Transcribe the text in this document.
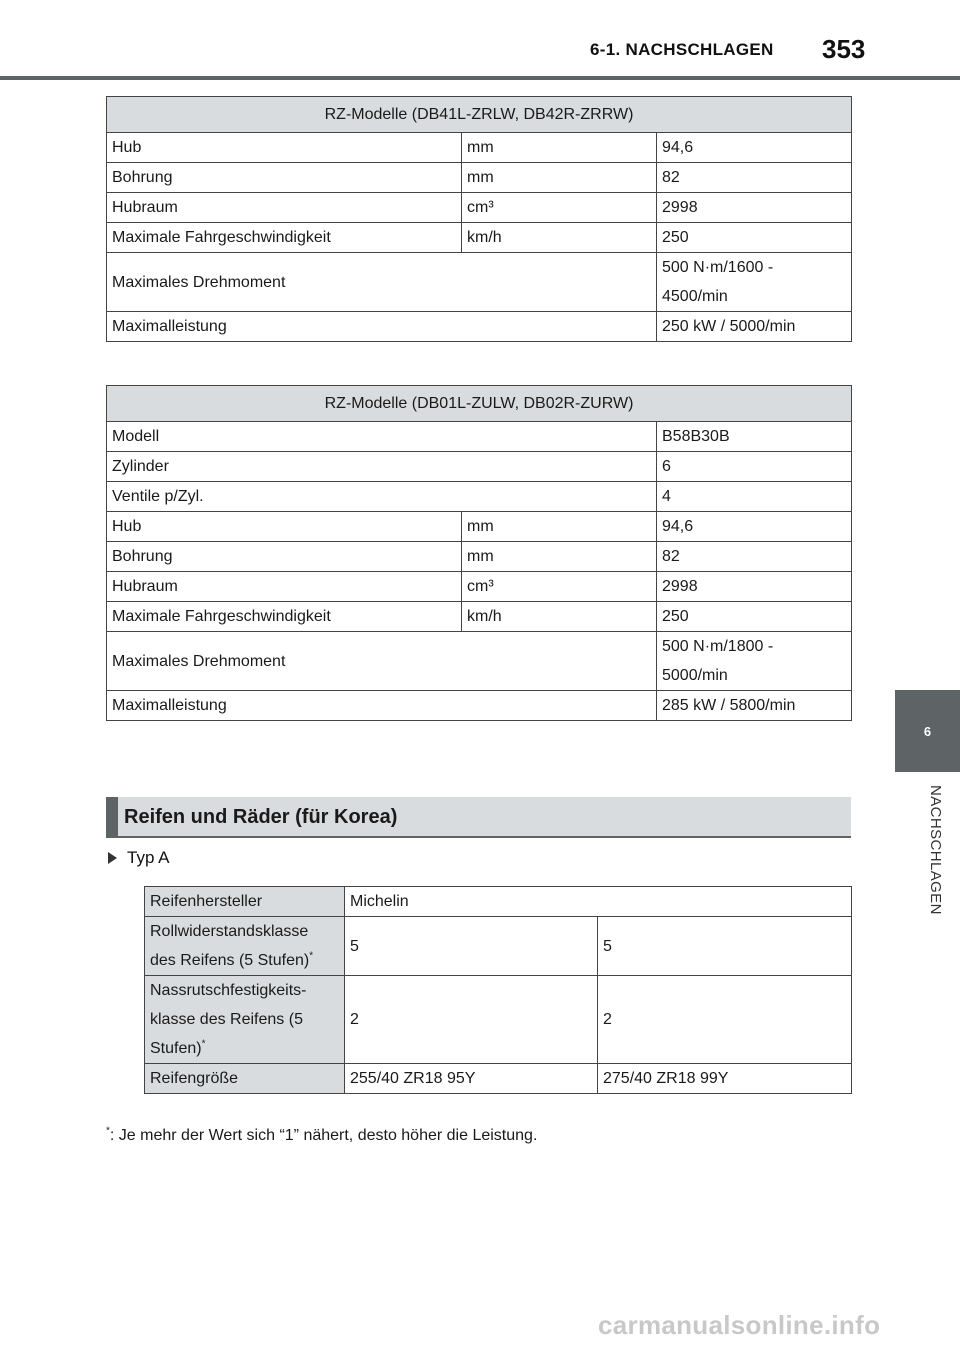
6-1. NACHSCHLAGEN 353
6
NACHSCHLAGEN
RZ-Modelle (DB41L-ZRLW, DB42R-ZRRW)		
Hub	mm	94,6
Bohrung	mm	82
Hubraum	cm³	2998
Maximale Fahrgeschwindigkeit	km/h	250
Maximales Drehmoment		500 N·m/1600 -
4500/min

Maximalleistung		250 kW / 5000/min
RZ-Modelle (DB01L-ZULW, DB02R-ZURW)		
Modell		B58B30B
Zylinder		6
Ventile p/Zyl.		4
Hub	mm	94,6
Bohrung	mm	82
Hubraum	cm³	2998
Maximale Fahrgeschwindigkeit	km/h	250
Maximales Drehmoment		500 N·m/1800 -
5000/min

Maximalleistung		285 kW / 5800/min
Reifen und Räder (für Korea)
Typ A
Reifenhersteller	Michelin	

Rollwiderstandsklasse
des Reifens (5 Stufen)*	5	5

Nassrutschfestigkeits-
klasse des Reifens (5
Stufen)*	2	2
Reifengröße	255/40 ZR18 95Y	275/40 ZR18 99Y
*: Je mehr der Wert sich “1” nähert, desto höher die Leistung.
carmanualsonline.info
